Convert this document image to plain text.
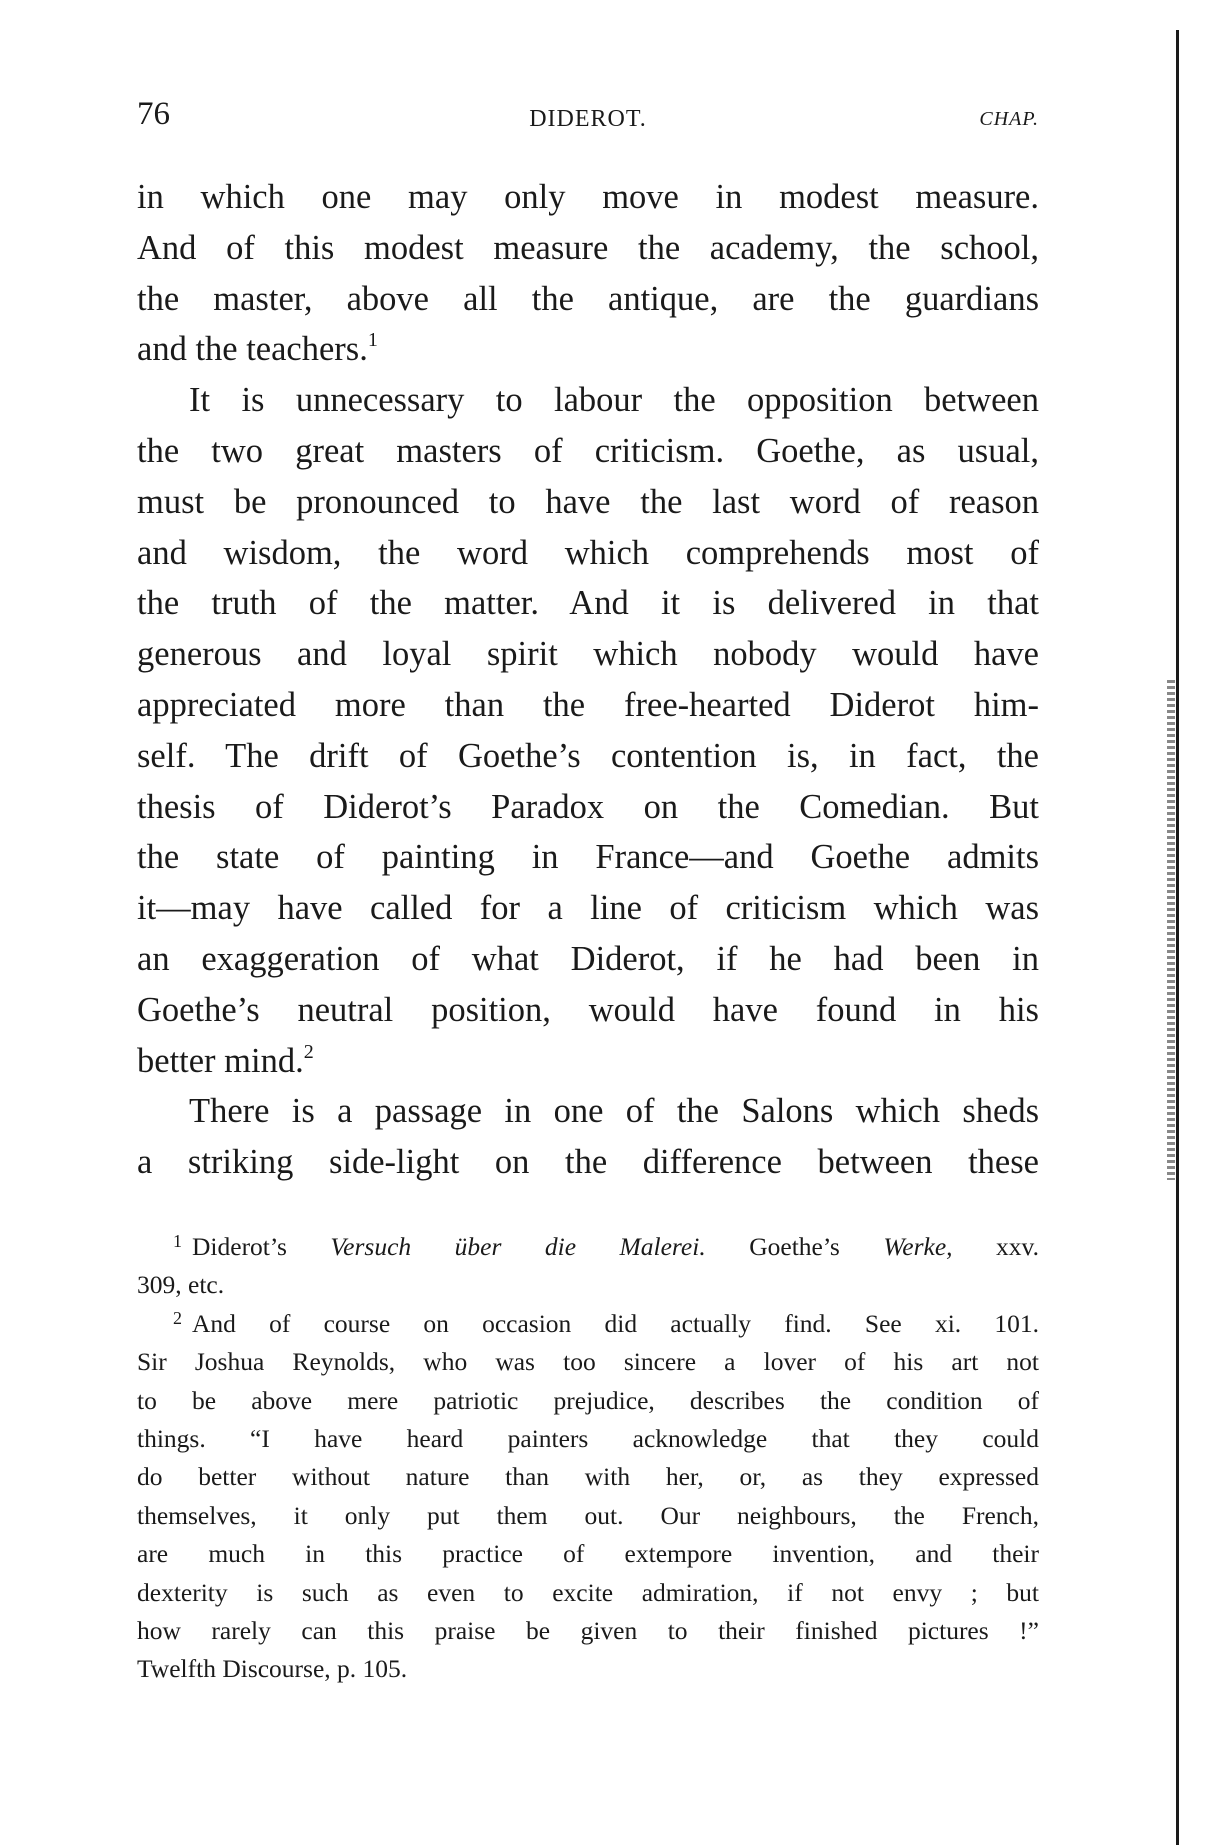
76	DIDEROT.	CHAP.
in which one may only move in modest measure.
And of this modest measure the academy, the school,
the master, above all the antique, are the guardians
and the teachers.$^1$
It is unnecessary to labour the opposition between
the two great masters of criticism. Goethe, as usual,
must be pronounced to have the last word of reason
and wisdom, the word which comprehends most of
the truth of the matter. And it is delivered in that
generous and loyal spirit which nobody would have
appreciated more than the free-hearted Diderot him-
self. The drift of Goethe’s contention is, in fact, the
thesis of Diderot’s Paradox on the Comedian. But
the state of painting in France—and Goethe admits
it—may have called for a line of criticism which was
an exaggeration of what Diderot, if he had been in
Goethe’s neutral position, would have found in his
better mind.$^2$
There is a passage in one of the Salons which sheds
a striking side-light on the difference between these
$^1$ Diderot’s Versuch über die Malerei. Goethe’s Werke, xxv.
309, etc.
$^2$ And of course on occasion did actually find. See xi. 101.
Sir Joshua Reynolds, who was too sincere a lover of his art not
to be above mere patriotic prejudice, describes the condition of
things. “I have heard painters acknowledge that they could
do better without nature than with her, or, as they expressed
themselves, it only put them out. Our neighbours, the French,
are much in this practice of extempore invention, and their
dexterity is such as even to excite admiration, if not envy ; but
how rarely can this praise be given to their finished pictures !”
Twelfth Discourse, p. 105.
